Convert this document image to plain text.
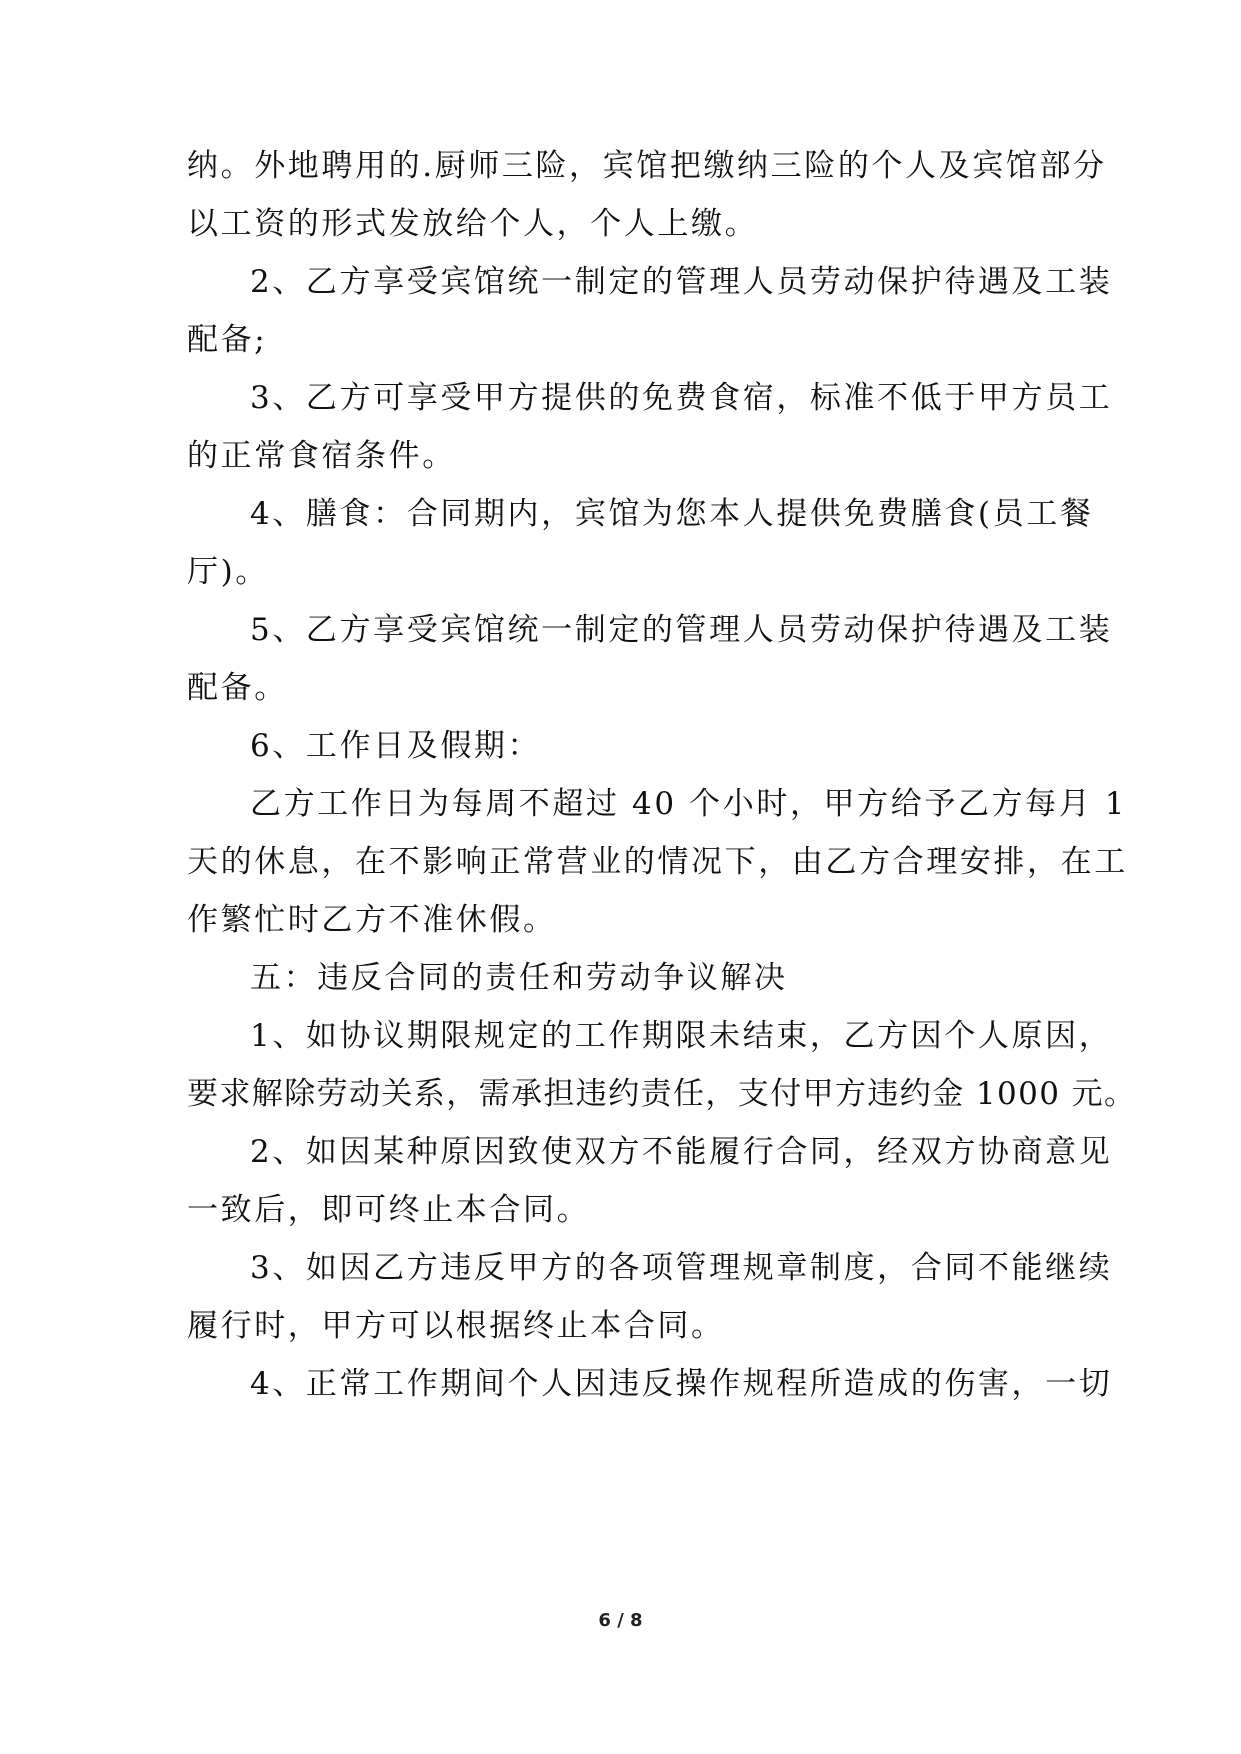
纳。外地聘用的.厨师三险，宾馆把缴纳三险的个人及宾馆部分

以工资的形式发放给个人，个人上缴。

2、乙方享受宾馆统一制定的管理人员劳动保护待遇及工装

配备;

3、乙方可享受甲方提供的免费食宿，标准不低于甲方员工

的正常食宿条件。

4、膳食：合同期内，宾馆为您本人提供免费膳食(员工餐

厅)。

5、乙方享受宾馆统一制定的管理人员劳动保护待遇及工装

配备。

6、工作日及假期：

乙方工作日为每周不超过 40 个小时，甲方给予乙方每月 1

天的休息，在不影响正常营业的情况下，由乙方合理安排，在工

作繁忙时乙方不准休假。

五：违反合同的责任和劳动争议解决

1、如协议期限规定的工作期限未结束，乙方因个人原因，

要求解除劳动关系，需承担违约责任，支付甲方违约金 1000 元。

2、如因某种原因致使双方不能履行合同，经双方协商意见

一致后，即可终止本合同。

3、如因乙方违反甲方的各项管理规章制度，合同不能继续

履行时，甲方可以根据终止本合同。

4、正常工作期间个人因违反操作规程所造成的伤害，一切

6 / 8
